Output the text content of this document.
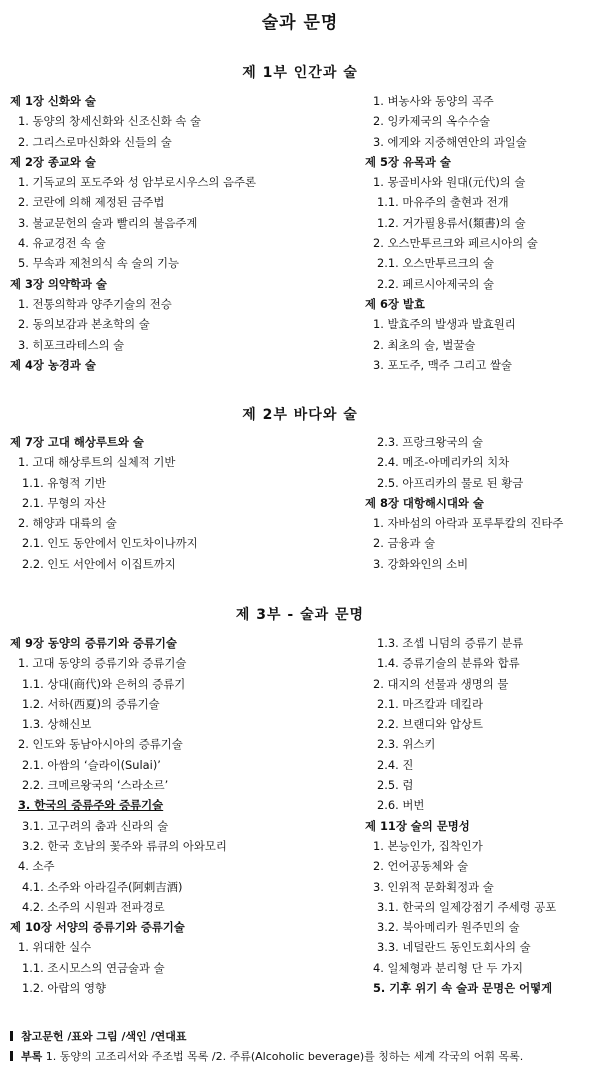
술과 문명
제 1부 인간과 술
제 1장 신화와 술
1. 동양의 창세신화와 신조신화 속 술
2. 그리스로마신화와 신들의 술
제 2장 종교와 술
1. 기독교의 포도주와 성 암부로시우스의 음주론
2. 코란에 의해 제정된 금주법
3. 불교문헌의 술과 빨리의 불음주계
4. 유교경전 속 술
5. 무속과 제천의식 속 술의 기능
제 3장 의약학과 술
1. 전통의학과 양주기술의 전승
2. 동의보감과 본초학의 술
3. 히포크라테스의 술
제 4장 농경과 술
1. 벼농사와 동양의 곡주
2. 잉카제국의 옥수수술
3. 에게와 지중해연안의 과일술
제 5장 유목과 술
1. 몽골비사와 원대(元代)의 술
1.1. 마유주의 출현과 전개
1.2. 거가필용류서(類書)의 술
2. 오스만투르크와 페르시아의 술
2.1. 오스만투르크의 술
2.2. 페르시아제국의 술
제 6장 발효
1. 발효주의 발생과 발효원리
2. 최초의 술, 벌꿀술
3. 포도주, 맥주 그리고 쌀술
제 2부 바다와 술
제 7장 고대 해상루트와 술
1. 고대 해상루트의 실체적 기반
1.1. 유형적 기반
2.1. 무형의 자산
2. 해양과 대륙의 술
2.1. 인도 동안에서 인도차이나까지
2.2. 인도 서안에서 이집트까지
2.3. 프랑크왕국의 술
2.4. 메조-아메리카의 치차
2.5. 아프리카의 물로 된 황금
제 8장 대항해시대와 술
1. 자바섬의 아락과 포루투칼의 진타주
2. 금융과 술
3. 강화와인의 소비
제 3부 - 술과 문명
제 9장 동양의 증류기와 증류기술
1. 고대 동양의 증류기와 증류기술
1.1. 상대(商代)와 은허의 증류기
1.2. 서하(西夏)의 증류기술
1.3. 상해신보
2. 인도와 동남아시아의 증류기술
2.1. 아쌈의 ‘슬라이(Sulai)’
2.2. 크메르왕국의 ‘스라소르’
3. 한국의 증류주와 증류기술
3.1. 고구려의 춤과 신라의 술
3.2. 한국 호남의 꽃주와 류큐의 아와모리
4. 소주
4.1. 소주와 아라길주(阿剌吉酒)
4.2. 소주의 시원과 전파경로
제 10장 서양의 증류기와 증류기술
1. 위대한 실수
1.1. 조시모스의 연금술과 술
1.2. 아랍의 영향
1.3. 조셉 니덤의 증류기 분류
1.4. 증류기술의 분류와 합류
2. 대지의 선물과 생명의 물
2.1. 마즈칼과 데킬라
2.2. 브랜디와 압상트
2.3. 위스키
2.4. 진
2.5. 럼
2.6. 버번
제 11장 술의 문명성
1. 본능인가, 집착인가
2. 언어공동체와 술
3. 인위적 문화획정과 술
3.1. 한국의 일제강점기 주세령 공포
3.2. 북아메리카 원주민의 술
3.3. 네덜란드 동인도회사의 술
4. 일체형과 분리형 단 두 가지
5. 기후 위기 속 술과 문명은 어떻게
참고문헌 /표와 그림 /색인 /연대표
부록 1. 동양의 고조리서와 주조법 목록 /2. 주류(Alcoholic beverage)를 칭하는 세계 각국의 어휘 목록.
